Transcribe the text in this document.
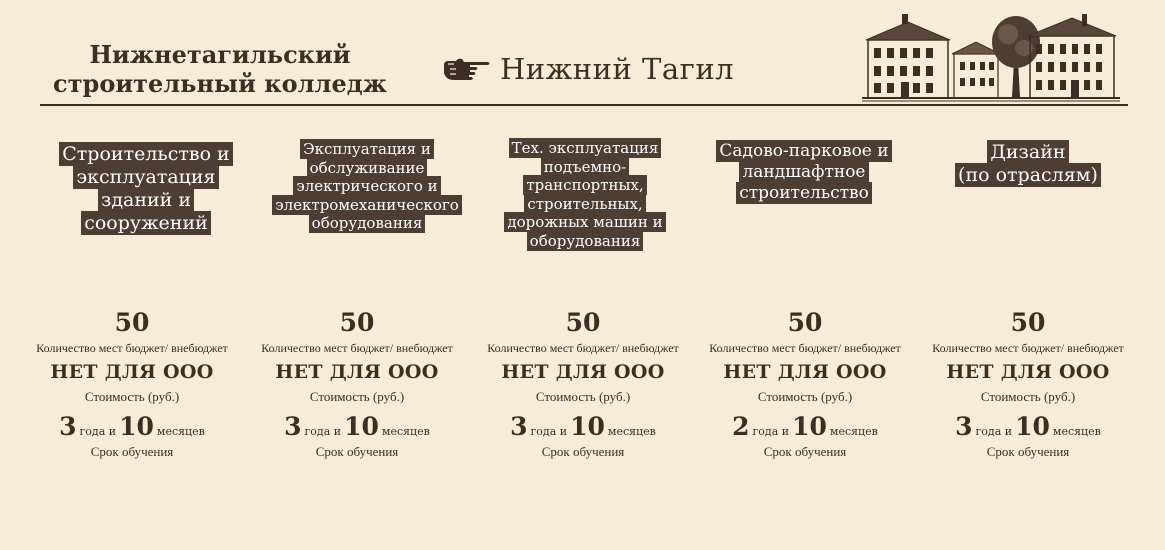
Нижнетагильский
строительный колледж	Нижний Тагил
Строительство и
эксплуатация
зданий и
сооружений
50
Количество мест бюджет/ внебюджет
НЕТ ДЛЯ ООО
Стоимость (руб.)
3 года и 10 месяцев
Срок обучения
Эксплуатация и
обслуживание
электрического и
электромеханического
оборудования
50
Количество мест бюджет/ внебюджет
НЕТ ДЛЯ ООО
Стоимость (руб.)
3 года и 10 месяцев
Срок обучения
Тех. эксплуатация
подъемно-
транспортных,
строительных,
дорожных машин и
оборудования
50
Количество мест бюджет/ внебюджет
НЕТ ДЛЯ ООО
Стоимость (руб.)
3 года и 10 месяцев
Срок обучения
Садово-парковое и
ландшафтное
строительство
50
Количество мест бюджет/ внебюджет
НЕТ ДЛЯ ООО
Стоимость (руб.)
2 года и 10 месяцев
Срок обучения
Дизайн
(по отраслям)
50
Количество мест бюджет/ внебюджет
НЕТ ДЛЯ ООО
Стоимость (руб.)
3 года и 10 месяцев
Срок обучения
